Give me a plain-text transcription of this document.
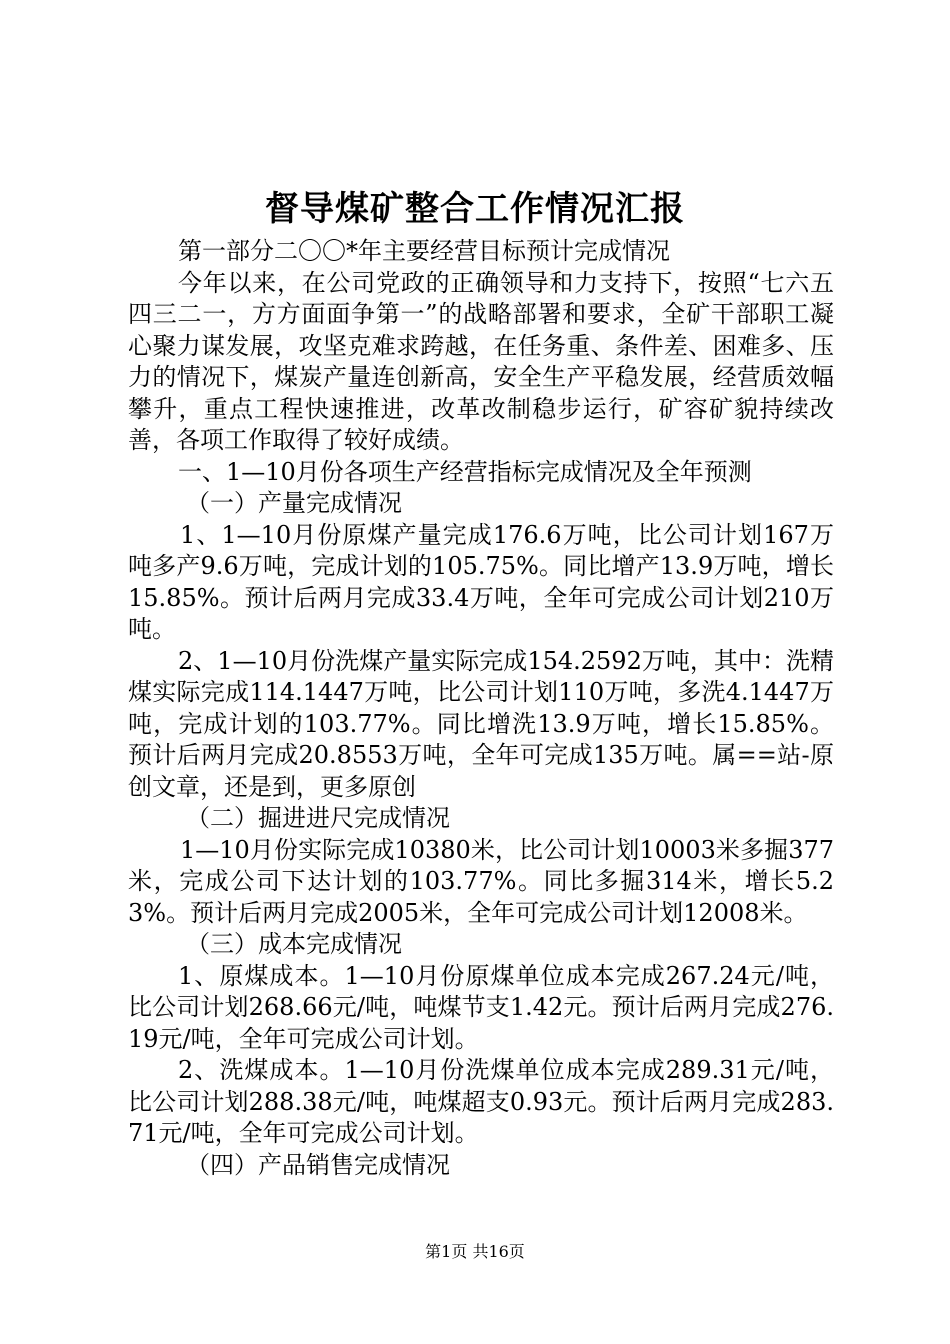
督导煤矿整合工作情况汇报

第一部分二〇〇*年主要经营目标预计完成情况

今年以来，在公司党政的正确领导和力支持下，按照“七六五四三二一，方方面面争第一”的战略部署和要求，全矿干部职工凝心聚力谋发展，攻坚克难求跨越，在任务重、条件差、困难多、压力的情况下，煤炭产量连创新高，安全生产平稳发展，经营质效幅攀升，重点工程快速推进，改革改制稳步运行，矿容矿貌持续改善，各项工作取得了较好成绩。

一、1—10月份各项生产经营指标完成情况及全年预测

（一）产量完成情况

1、1—10月份原煤产量完成176.6万吨，比公司计划167万吨多产9.6万吨，完成计划的105.75%。同比增产13.9万吨，增长15.85%。预计后两月完成33.4万吨，全年可完成公司计划210万吨。

2、1—10月份洗煤产量实际完成154.2592万吨，其中：洗精煤实际完成114.1447万吨，比公司计划110万吨，多洗4.1447万吨，完成计划的103.77%。同比增洗13.9万吨，增长15.85%。预计后两月完成20.8553万吨，全年可完成135万吨。属==站-原创文章，还是到，更多原创

（二）掘进进尺完成情况

1—10月份实际完成10380米，比公司计划10003米多掘377米，完成公司下达计划的103.77%。同比多掘314米，增长5.23%。预计后两月完成2005米，全年可完成公司计划12008米。

（三）成本完成情况

1、原煤成本。1—10月份原煤单位成本完成267.24元/吨，比公司计划268.66元/吨，吨煤节支1.42元。预计后两月完成276.19元/吨，全年可完成公司计划。

2、洗煤成本。1—10月份洗煤单位成本完成289.31元/吨，比公司计划288.38元/吨，吨煤超支0.93元。预计后两月完成283.71元/吨，全年可完成公司计划。

（四）产品销售完成情况

第1页 共16页
